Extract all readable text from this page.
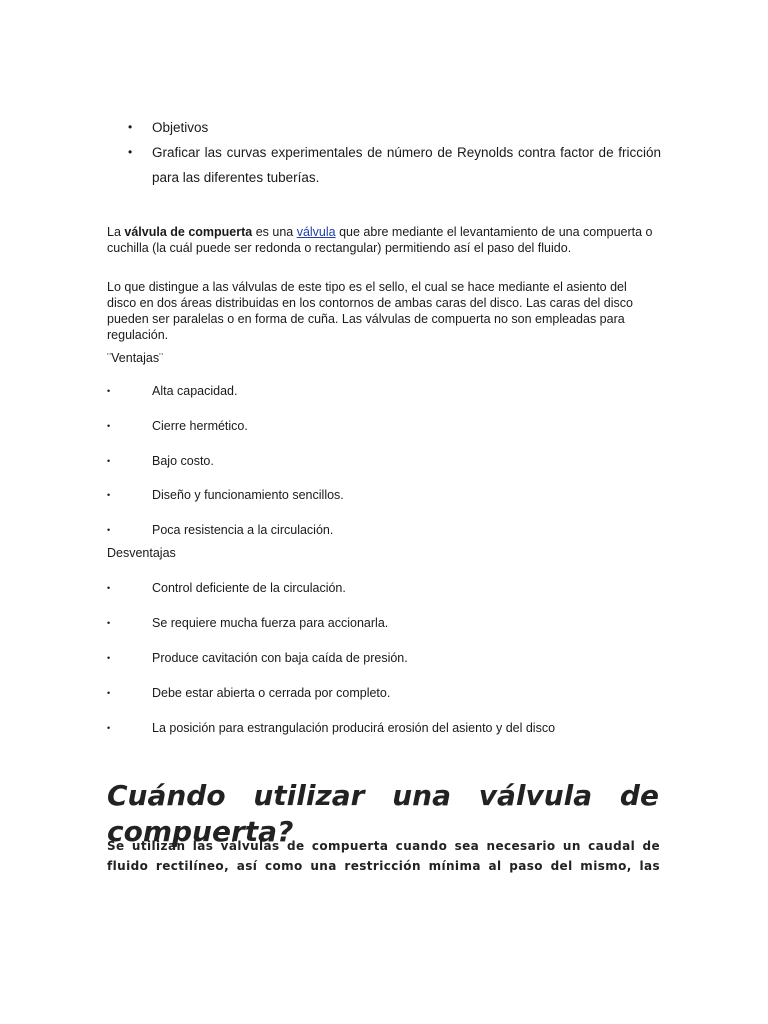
• Objetivos
• Graficar las curvas experimentales de número de Reynolds contra factor de fricción para las diferentes tuberías.

La válvula de compuerta es una válvula que abre mediante el levantamiento de una compuerta o cuchilla (la cuál puede ser redonda o rectangular) permitiendo así el paso del fluido.

Lo que distingue a las válvulas de este tipo es el sello, el cual se hace mediante el asiento del disco en dos áreas distribuidas en los contornos de ambas caras del disco. Las caras del disco pueden ser paralelas o en forma de cuña. Las válvulas de compuerta no son empleadas para regulación.

¨Ventajas¨

•	Alta capacidad.
•	Cierre hermético.
•	Bajo costo.
•	Diseño y funcionamiento sencillos.
•	Poca resistencia a la circulación.

Desventajas

•	Control deficiente de la circulación.
•	Se requiere mucha fuerza para accionarla.
•	Produce cavitación con baja caída de presión.
•	Debe estar abierta o cerrada por completo.
•	La posición para estrangulación producirá erosión del asiento y del disco
Cuándo utilizar una válvula de
compuerta?

Se utilizan las válvulas de compuerta cuando sea necesario un caudal de fluido rectilíneo, así como una restricción mínima al paso del mismo, las
